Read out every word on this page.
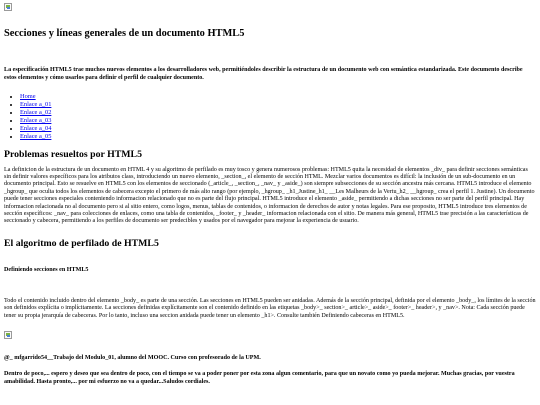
Secciones y líneas generales de un documento HTML5

La especificación HTML5 trae muchos nuevos elementos a los desarrolladores web, permitiéndoles describir la estructura de un documento web con semántica estandarizada. Este documento describe estos elementos y cómo usarlos para definir el perfil de cualquier documento.

• Home
• Enlace a_01
• Enlace a_02
• Enlace a_03
• Enlace a_04
• Enlace a_05
Problemas resueltos por HTML5

La definicion de la estructura de un documento en HTML 4 y su algoritmo de perfilado es muy tosco y genera numerosos problemas: HTML5 quita la necesidad de elementos _div_ para definir secciones semánticas sin definir valores específicos para los atributos class, introduciendo un nuevo elemento, _section_, el elemento de sección HTML. Mezclar varios documentos es difícil: la inclusión de un sub-documento en un documento principal. Esto se resuelve en HTML5 con los elementos de seccionado (_article_, _section_, _nav_ y _aside_) son siempre subsecciones de su sección ancestra más cercana. HTML5 introduce el elemento _hgroup_ que oculta todos los elementos de cabecera excepto el primero de más alto rango (por ejemplo, _hgroup_ _h1_Justine_h1_ __Les Malheurs de la Vertu_h2_ __hgroup_ crea el perfil 1. Justine). Un documento puede tener secciones especiales conteniendo informacion relacionado que no es parte del flujo principal. HTML5 introduce el elemento _aside_ permitiendo a dichas secciones no ser parte del perfil principal. Hay informacion relacionada no al documento pero si al sitio entero, como logos, menus, tablas de contenidos, o informacion de derechos de autor y notas legales. Para ese proposito, HTML5 introduce tres elementos de sección específicos: _nav_ para colecciones de enlaces, como una tabla de contenidos, _footer_ y _header_ informacion relacionada con el sitio. De manera más general, HTML5 trae precisión a las características de seccionado y cabecera, permitiendo a los perfiles de documento ser predecibles y usados por el navegador para mejorar la experiencia de usuario.

El algoritmo de perfilado de HTML5
Definiendo secciones en HTML5

Todo el contenido incluido dentro del elemento _body_ es parte de una sección. Las secciones en HTML5 pueden ser anidadas. Además de la sección principal, definida por el elemento _body_, los límites de la sección son definidos explícita o implícitamente. La secciones definidas explícitamente son el contenido definido en las etiquetas _body>_ section>_ article>_ aside>_ footer>_ header>, y _nav>. Nota: Cada sección puede tener su propia jerarquía de cabeceras. Por lo tanto, incluso una seccion anidada puede tener un elemento _h1>. Consulte también Definiendo cabeceras en HTML5.

@_ mfgarrido54__Trabajo del Modulo_01, alumno del MOOC. Curso con profesorado de la UPM.

Dentro de poco,... espero y deseo que sea dentro de poco, con el tiempo se va a poder poner por esta zona algun comentario, para que un novato como yo pueda mejorar. Muchas gracias, por vuestra amabilidad. Hasta pronto,... por mi esfuerzo no va a quedar...Saludos cordiales.
